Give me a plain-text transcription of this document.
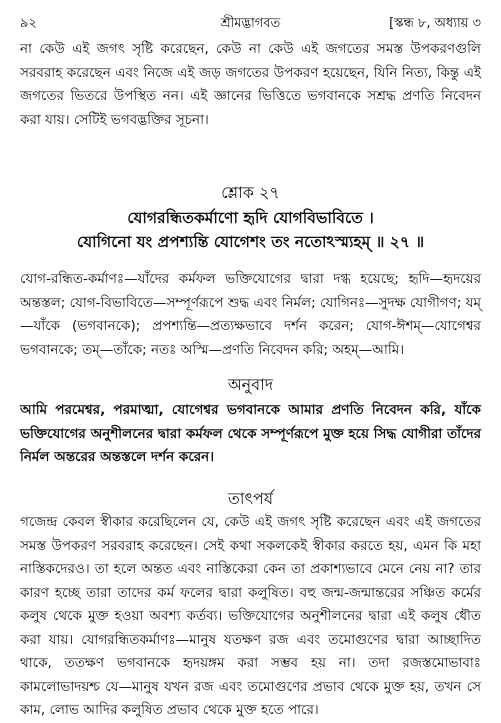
৯২	শ্রীমদ্ভাগবত	[স্কন্ধ ৮, অধ্যায় ৩

না কেউ এই জগৎ সৃষ্টি করেছেন, কেউ না কেউ এই জগতের সমস্ত উপকরণগুলি সরবরাহ করেছেন এবং নিজে এই জড় জগতের উপকরণ হয়েছেন, যিনি নিত্য, কিন্তু এই জগতের ভিতরে উপস্থিত নন। এই জ্ঞানের ভিত্তিতে ভগবানকে সশ্রদ্ধ প্রণতি নিবেদন করা যায়। সেটিই ভগবদ্ভক্তির সূচনা।

শ্লোক ২৭

যোগরন্ধিতকর্মাণো হৃদি যোগবিভাবিতে ।

যোগিনো যং প্রপশ্যন্তি যোগেশং তং নতোঽস্ম্যহম্ ॥ ২৭ ॥

যোগ-রন্ধিত-কর্মাণঃ—যাঁদের কর্মফল ভক্তিযোগের দ্বারা দগ্ধ হয়েছে; হৃদি—হৃদয়ের অন্তস্তল; যোগ-বিভাবিতে—সম্পূর্ণরূপে শুদ্ধ এবং নির্মল; যোগিনঃ—সুদক্ষ যোগীগণ; যম্—যাঁকে (ভগবানকে); প্রপশ্যন্তি—প্রত্যক্ষভাবে দর্শন করেন; যোগ-ঈশম্—যোগেশ্বর ভগবানকে; তম্—তাঁকে; নতঃ অস্মি—প্রণতি নিবেদন করি; অহম্—আমি।

অনুবাদ

আমি পরমেশ্বর, পরমাত্মা, যোগেশ্বর ভগবানকে আমার প্রণতি নিবেদন করি, যাঁকে ভক্তিযোগের অনুশীলনের দ্বারা কর্মফল থেকে সম্পূর্ণরূপে মুক্ত হয়ে সিদ্ধ যোগীরা তাঁদের নির্মল অন্তরের অন্তস্তলে দর্শন করেন।

তাৎপর্য

গজেন্দ্র কেবল স্বীকার করেছিলেন যে, কেউ এই জগৎ সৃষ্টি করেছেন এবং এই জগতের সমস্ত উপকরণ সরবরাহ করেছেন। সেই কথা সকলকেই স্বীকার করতে হয়, এমন কি মহা নাস্তিকদেরও। তা হলে অন্তত এবং নাস্তিকেরা কেন তা প্রকাশ্যভাবে মেনে নেয় না? তার কারণ হচ্ছে তারা তাদের কর্ম ফলের দ্বারা কলুষিত। বহু জন্ম-জন্মান্তরের সঞ্চিত কর্মের কলুষ থেকে মুক্ত হওয়া অবশ্য কর্তব্য। ভক্তিযোগের অনুশীলনের দ্বারা এই কলুষ ধৌত করা যায়। যোগরন্ধিতকর্মাণঃ—মানুষ যতক্ষণ রজ এবং তমোগুণের দ্বারা আচ্ছাদিত থাকে, ততক্ষণ ভগবানকে হৃদয়ঙ্গম করা সম্ভব হয় না। তদা রজস্তমোভাবাঃ কামলোভাদয়শ্চ যে—মানুষ যখন রজ এবং তমোগুণের প্রভাব থেকে মুক্ত হয়, তখন সে কাম, লোভ আদির কলুষিত প্রভাব থেকে মুক্ত হতে পারে।
